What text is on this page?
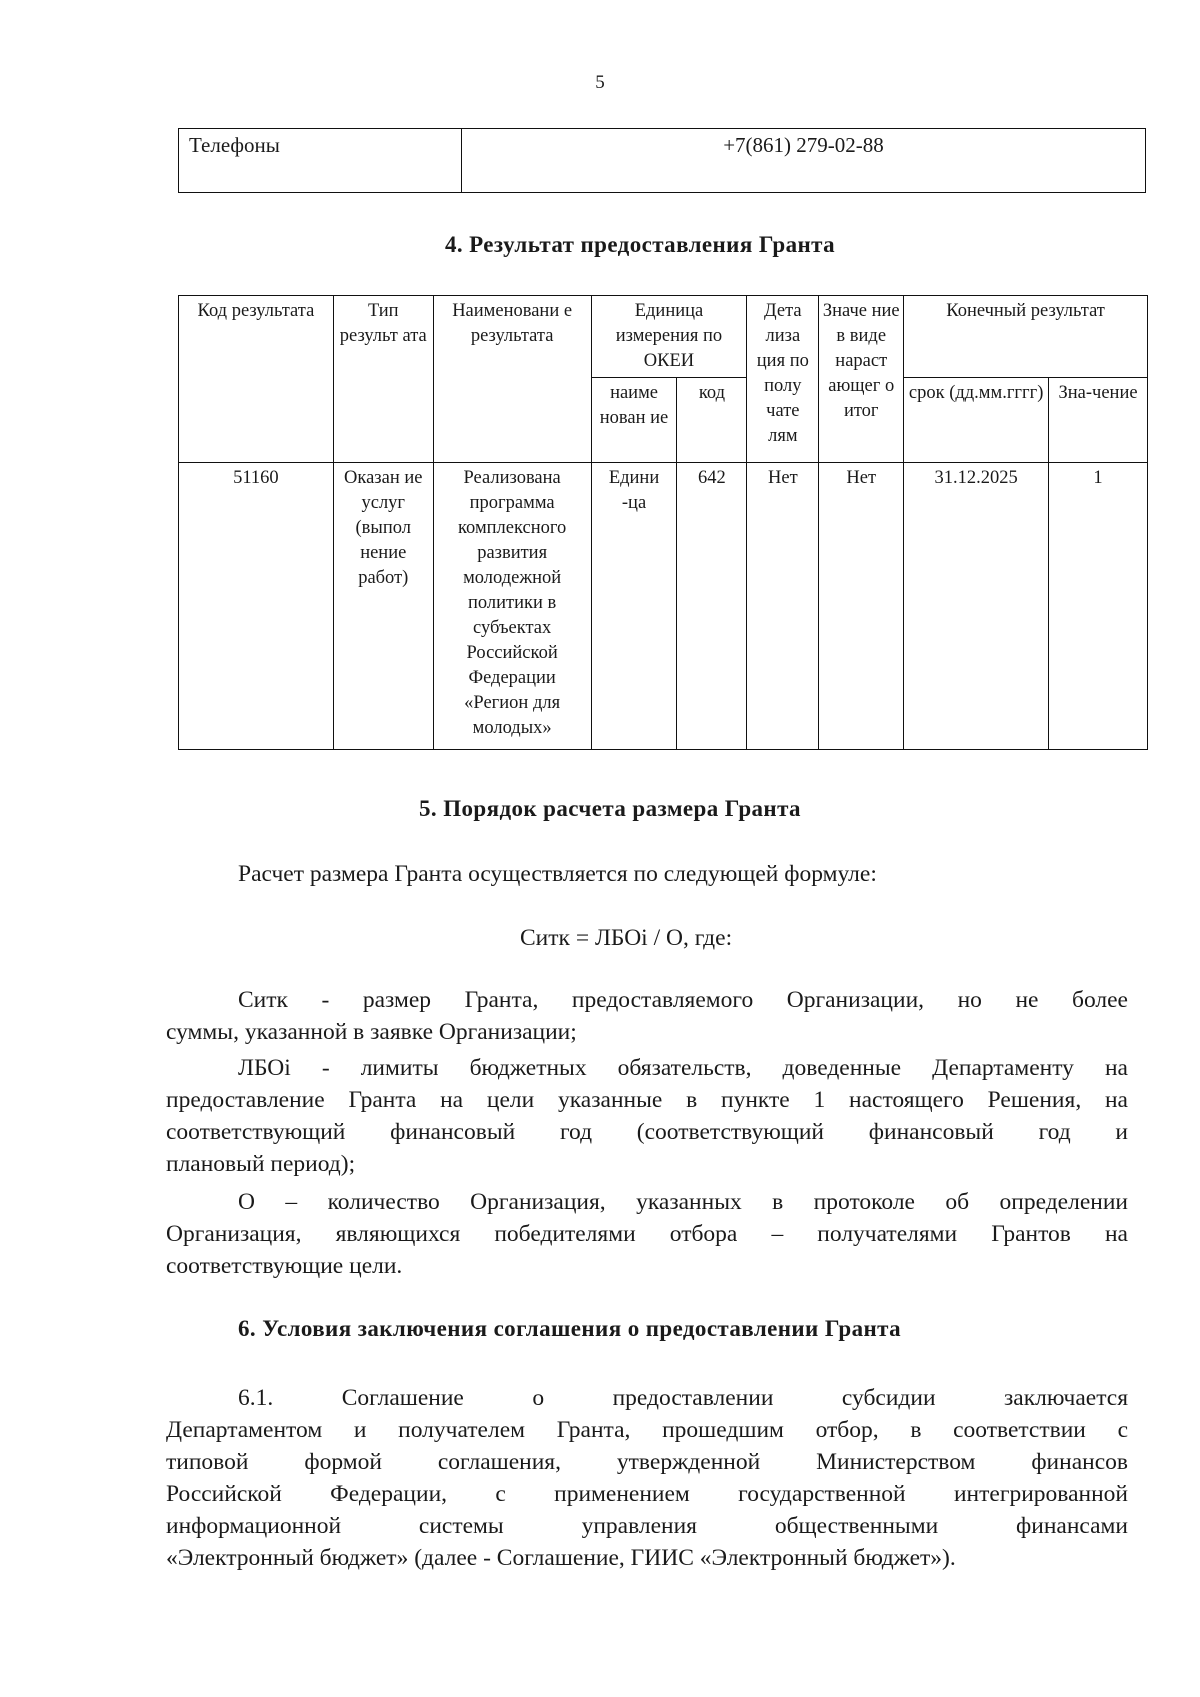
5
Телефоны	+7(861) 279-02-88
4. Результат предоставления Гранта
Код результата	Тип результ ата	Наименовани е результата	Единица измерения по ОКЕИ		Дета лиза ция по полу чате лям	Значе ние в виде нараст ающег о итог	Конечный результат	
			наиме нован ие	код			срок (дд.мм.гггг)	Зна-чение
51160	Оказан ие услуг (выпол нение работ)	Реализована программа комплексного развития молодежной политики в субъектах Российской Федерации «Регион для молодых»	Едини -ца	642	Нет	Нет	31.12.2025	1
5. Порядок расчета размера Гранта

Расчет размера Гранта осуществляется по следующей формуле:

Ситк = ЛБОi / О, где:

Ситк - размер Гранта, предоставляемого Организации, но не более
суммы, указанной в заявке Организации;
ЛБОi - лимиты бюджетных обязательств, доведенные Департаменту на
предоставление Гранта на цели указанные в пункте 1 настоящего Решения, на
соответствующий финансовый год (соответствующий финансовый год и
плановый период);
О – количество Организация, указанных в протоколе об определении
Организация, являющихся победителями отбора – получателями Грантов на
соответствующие цели.
6. Условия заключения соглашения о предоставлении Гранта
6.1. Соглашение о предоставлении субсидии заключается
Департаментом и получателем Гранта, прошедшим отбор, в соответствии с
типовой формой соглашения, утвержденной Министерством финансов
Российской Федерации, с применением государственной интегрированной
информационной системы управления общественными финансами
«Электронный бюджет» (далее - Соглашение, ГИИС «Электронный бюджет»).
